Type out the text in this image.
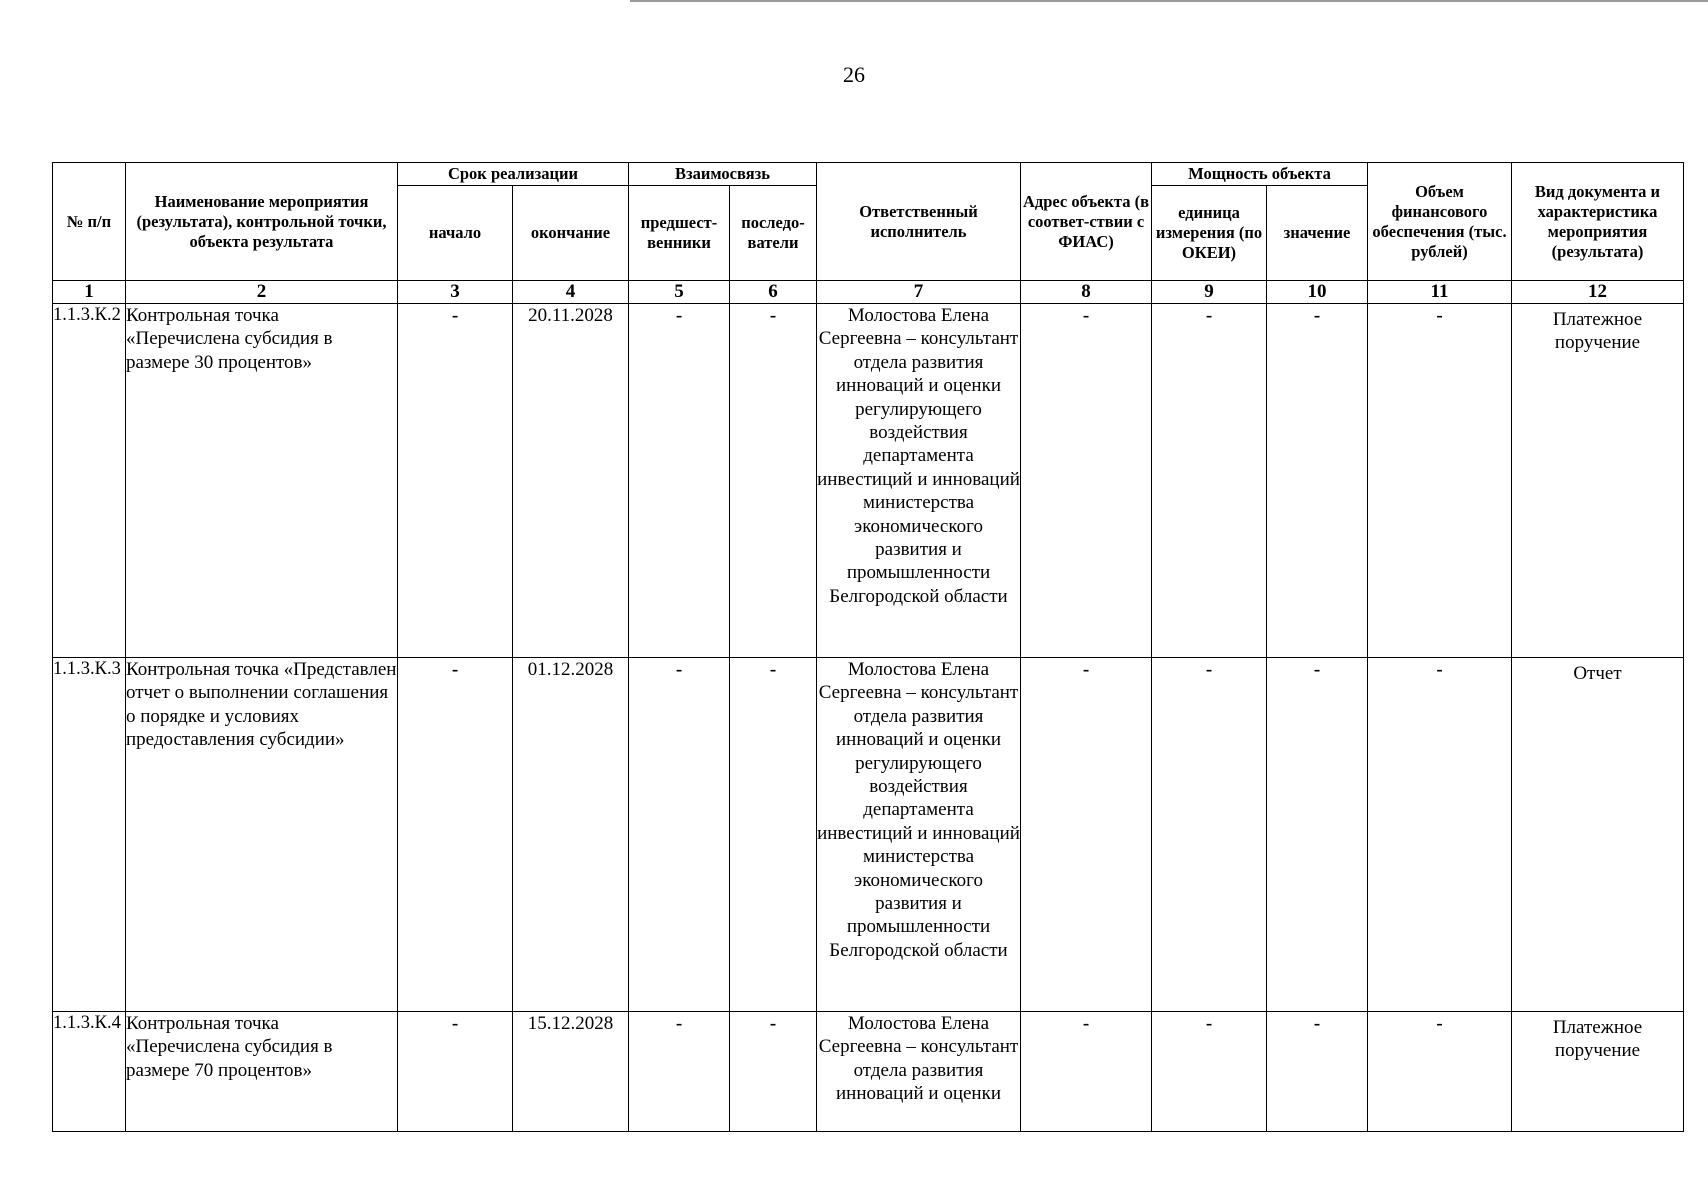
26
№ п/п	Наименование мероприятия (результата), контрольной точки, объекта результата	Срок реализации		Взаимосвязь		Ответственный исполнитель	Адрес объекта (в соответ-ствии с ФИАС)	Мощность объекта		Объем финансового обеспечения (тыс. рублей)	Вид документа и характеристика мероприятия (результата)

		начало	окончание	предшест-венники	последо-ватели			единица измерения (по ОКЕИ)	значение		
1	2	3	4	5	6	7	8	9	10	11	12
1.1.3.К.2	Контрольная точка «Перечислена субсидия в размере 30 процентов»	-	20.11.2028	-	-	Молостова Елена Сергеевна – консультант отдела развития инноваций и оценки регулирующего воздействия департамента инвестиций и инноваций министерства экономического развития и промышленности Белгородской области	-	-	-	-	Платежное поручение
1.1.3.К.3	Контрольная точка «Представлен отчет о выполнении соглашения о порядке и условиях предоставления субсидии»	-	01.12.2028	-	-	Молостова Елена Сергеевна – консультант отдела развития инноваций и оценки регулирующего воздействия департамента инвестиций и инноваций министерства экономического развития и промышленности Белгородской области	-	-	-	-	Отчет
1.1.3.К.4	Контрольная точка «Перечислена субсидия в размере 70 процентов»	-	15.12.2028	-	-	Молостова Елена Сергеевна – консультант отдела развития инноваций и оценки	-	-	-	-	Платежное поручение
